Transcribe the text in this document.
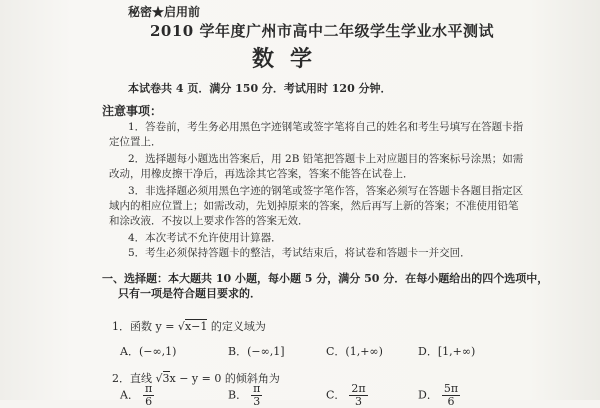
秘密★启用前
2010 学年度广州市高中二年级学生学业水平测试
数学
本试卷共 4 页．满分 150 分．考试用时 120 分钟．
注意事项：
1．答卷前，考生务必用黑色字迹钢笔或签字笔将自己的姓名和考生号填写在答题卡指
定位置上．
2．选择题每小题选出答案后，用 2B 铅笔把答题卡上对应题目的答案标号涂黑；如需
改动，用橡皮擦干净后，再选涂其它答案，答案不能答在试卷上．
3．非选择题必须用黑色字迹的钢笔或签字笔作答，答案必须写在答题卡各题目指定区
域内的相应位置上；如需改动，先划掉原来的答案，然后再写上新的答案；不准使用铅笔
和涂改液．不按以上要求作答的答案无效．
4．本次考试不允许使用计算器．
5．考生必须保持答题卡的整洁，考试结束后，将试卷和答题卡一并交回．
一、选择题：本大题共 10 小题，每小题 5 分，满分 50 分．在每小题给出的四个选项中，
只有一项是符合题目要求的．
1．函数 y = √x−1 的定义域为
A．(−∞,1)	B．(−∞,1]	C．(1,+∞)	D．[1,+∞)
2．直线 √3x − y = 0 的倾斜角为
A． $\frac{\pi}{6}$	B． $\frac{\pi}{3}$	C． $\frac{2\pi}{3}$	D． $\frac{5\pi}{6}$
